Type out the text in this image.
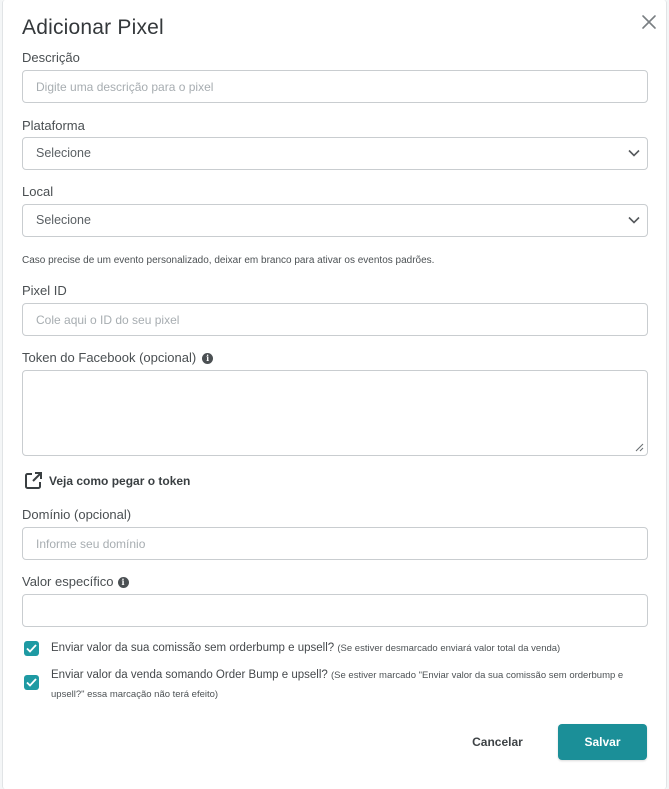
Adicionar Pixel
Descrição
Digite uma descrição para o pixel
Plataforma
Selecione
Local
Selecione
Caso precise de um evento personalizado, deixar em branco para ativar os eventos padrões.
Pixel ID
Cole aqui o ID do seu pixel
Token do Facebook (opcional) i
Veja como pegar o token
Domínio (opcional)
Informe seu domínio
Valor específico i
Enviar valor da sua comissão sem orderbump e upsell? (Se estiver desmarcado enviará valor total da venda)
Enviar valor da venda somando Order Bump e upsell? (Se estiver marcado "Enviar valor da sua comissão sem orderbump e upsell?" essa marcação não terá efeito)
Cancelar	Salvar
